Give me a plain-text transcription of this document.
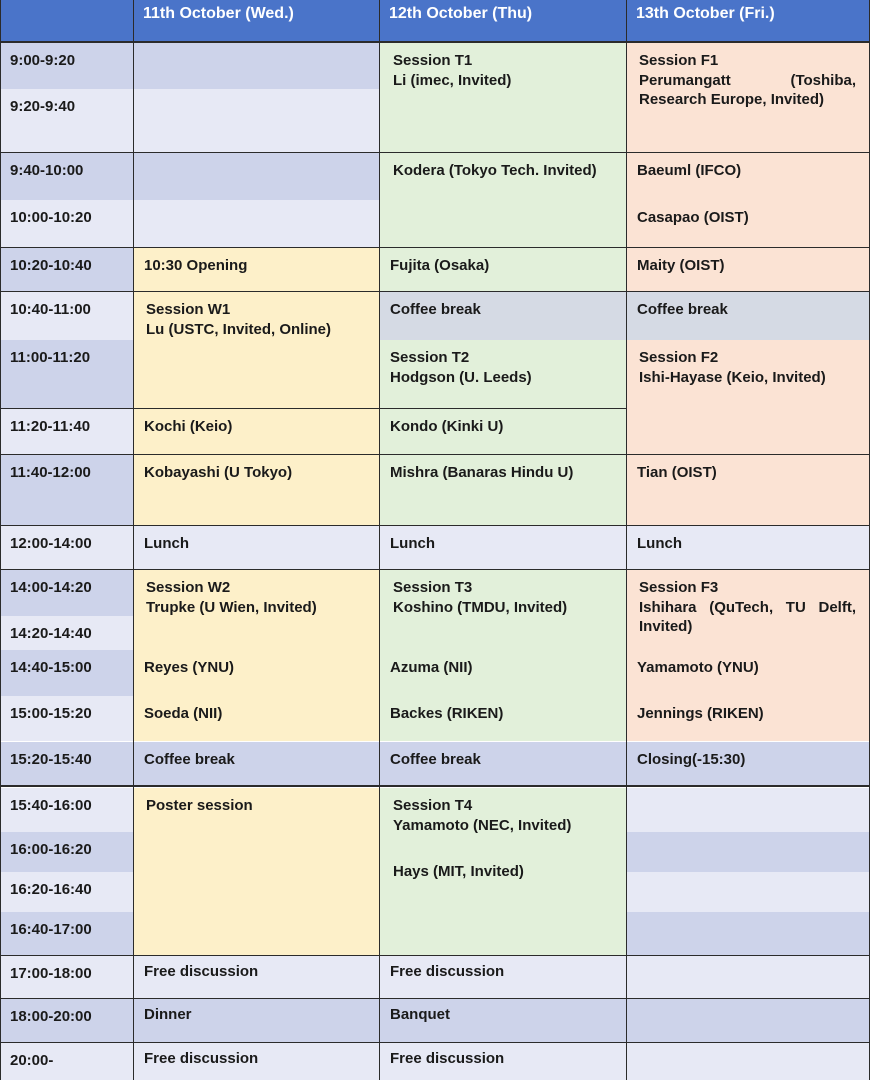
11th October (Wed.)	12th October (Thu)	13th October (Fri.)
9:00-9:20
9:20-9:40
9:40-10:00
10:00-10:20
10:20-10:40
10:40-11:00
11:00-11:20
11:20-11:40
11:40-12:00
12:00-14:00
14:00-14:20
14:20-14:40
14:40-15:00
15:00-15:20
15:20-15:40
15:40-16:00
16:00-16:20
16:20-16:40
16:40-17:00
17:00-18:00
18:00-20:00
20:00-
10:30 Opening
Session W1
Lu (USTC, Invited, Online)
Kochi (Keio)
Kobayashi (U Tokyo)
Lunch
Session W2
Trupke (U Wien, Invited)
Reyes (YNU)
Soeda (NII)
Coffee break
Poster session
Free discussion
Dinner
Free discussion
Session T1
Li (imec, Invited)
Kodera (Tokyo Tech. Invited)
Fujita (Osaka)
Coffee break
Session T2
Hodgson (U. Leeds)
Kondo (Kinki U)
Mishra (Banaras Hindu U)
Lunch
Session T3
Koshino (TMDU, Invited)
Azuma (NII)
Backes (RIKEN)
Coffee break
Session T4
Yamamoto (NEC, Invited)
Hays (MIT, Invited)
Free discussion
Banquet
Free discussion
Session F1
Perumangatt (Toshiba, Research Europe, Invited)
Baeuml (IFCO)
Casapao (OIST)
Maity (OIST)
Coffee break
Session F2
Ishi-Hayase (Keio, Invited)
Tian (OIST)
Lunch
Session F3
Ishihara (QuTech, TU Delft, Invited)
Yamamoto (YNU)
Jennings (RIKEN)
Closing(-15:30)
